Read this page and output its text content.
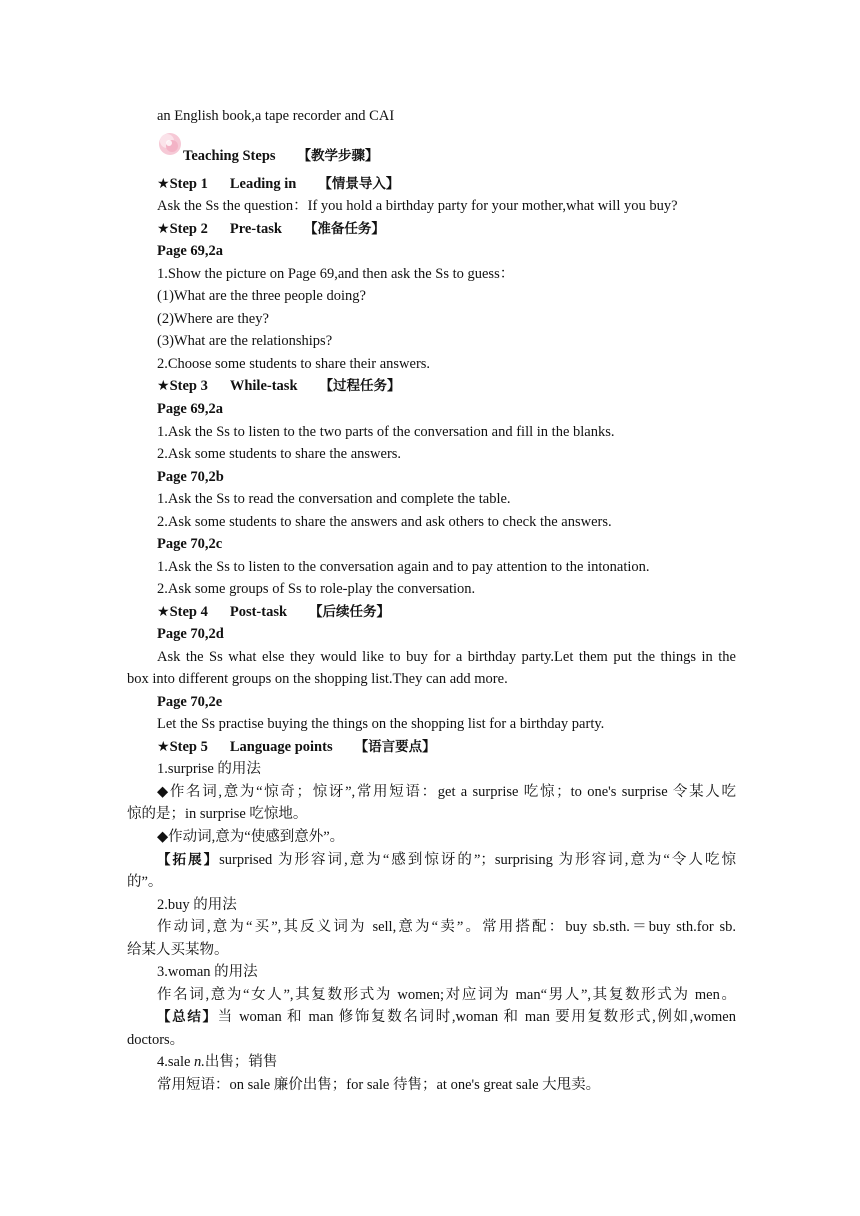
an English book,a tape recorder and CAI
Teaching Steps 【教学步骤】
★Step 1 Leading in 【情景导入】
Ask the Ss the question：If you hold a birthday party for your mother,what will you buy?
★Step 2 Pre-task 【准备任务】
Page 69,2a
1.Show the picture on Page 69,and then ask the Ss to guess：
(1)What are the three people doing?
(2)Where are they?
(3)What are the relationships?
2.Choose some students to share their answers.
★Step 3 While-task 【过程任务】
Page 69,2a
1.Ask the Ss to listen to the two parts of the conversation and fill in the blanks.
2.Ask some students to share the answers.
Page 70,2b
1.Ask the Ss to read the conversation and complete the table.
2.Ask some students to share the answers and ask others to check the answers.
Page 70,2c
1.Ask the Ss to listen to the conversation again and to pay attention to the intonation.
2.Ask some groups of Ss to role-play the conversation.
★Step 4 Post-task 【后续任务】
Page 70,2d
Ask the Ss what else they would like to buy for a birthday party.Let them put the things in the
box into different groups on the shopping list.They can add more.
Page 70,2e
Let the Ss practise buying the things on the shopping list for a birthday party.
★Step 5 Language points 【语言要点】
1.surprise 的用法
◆作名词,意为“惊奇；惊讶”,常用短语：get a surprise 吃惊；to one's surprise 令某人吃
惊的是；in surprise 吃惊地。
◆作动词,意为“使感到意外”。
【拓展】surprised 为形容词,意为“感到惊讶的”；surprising 为形容词,意为“令人吃惊
的”。
2.buy 的用法
作动词,意为“买”,其反义词为 sell,意为“卖”。常用搭配：buy sb.sth.＝buy sth.for sb.
给某人买某物。
3.woman 的用法
作名词,意为“女人”,其复数形式为 women;对应词为 man“男人”,其复数形式为 men。
【总结】当 woman 和 man 修饰复数名词时,woman 和 man 要用复数形式,例如,women
doctors。
4.sale n.出售；销售
常用短语：on sale 廉价出售；for sale 待售；at one's great sale 大甩卖。
